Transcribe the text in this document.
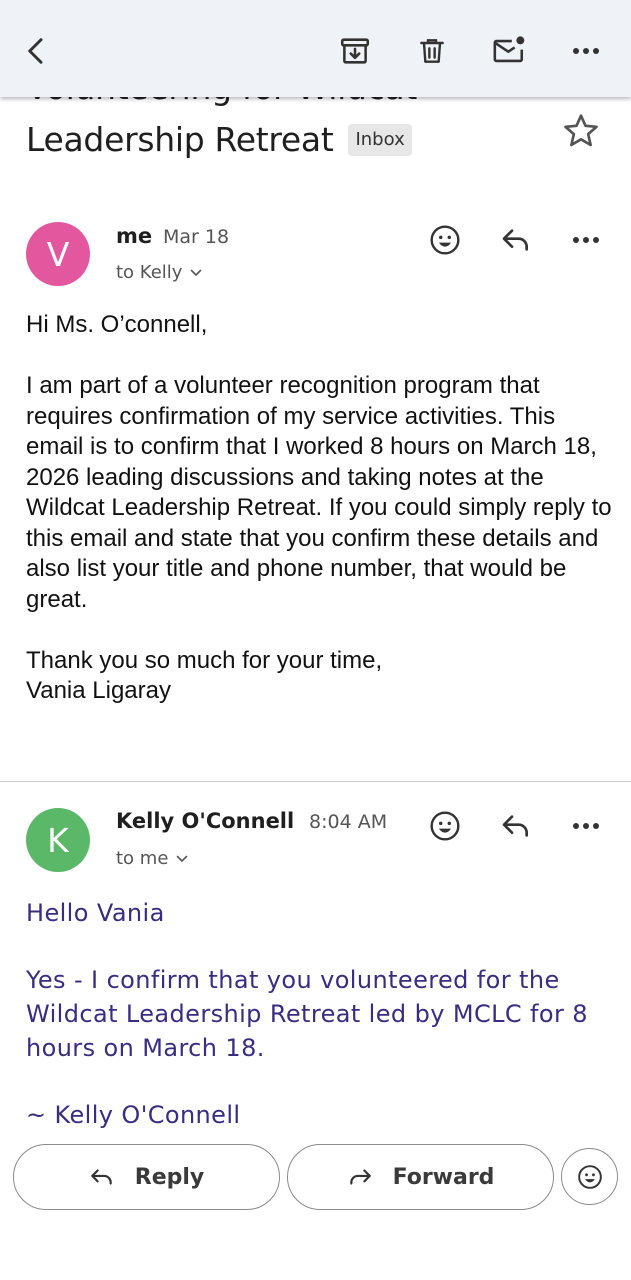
Leadership Retreat	Inbox
V	me Mar 18
to Kelly

Hi Ms. O’connell,

I am part of a volunteer recognition program that requires confirmation of my service activities. This email is to confirm that I worked 8 hours on March 18, 2026 leading discussions and taking notes at the Wildcat Leadership Retreat. If you could simply reply to this email and state that you confirm these details and also list your title and phone number, that would be great.

Thank you so much for your time,

Vania Ligaray

K	Kelly O'Connell 8:04 AM
to me

Hello Vania

Yes - I confirm that you volunteered for the Wildcat Leadership Retreat led by MCLC for 8 hours on March 18.

~ Kelly O'Connell

Reply	Forward
